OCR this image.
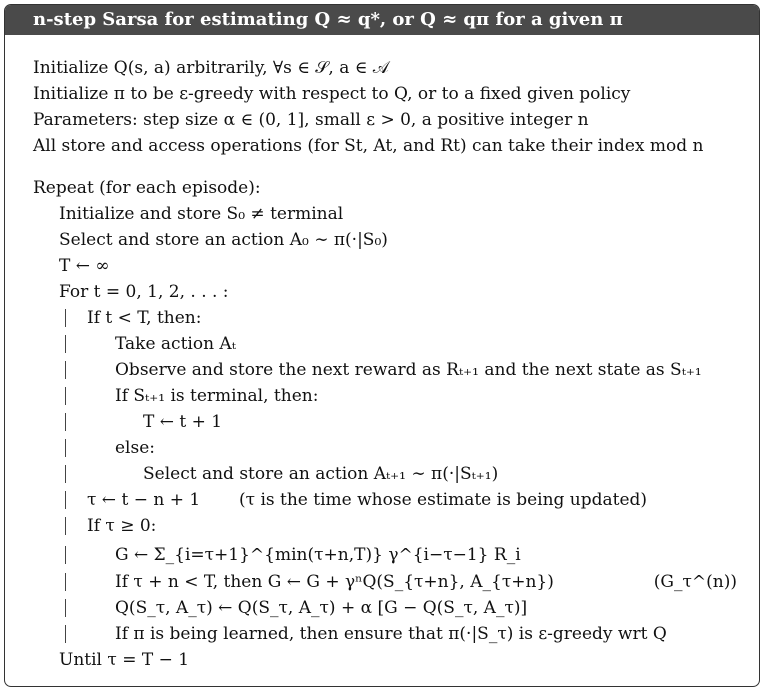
n-step Sarsa for estimating Q ≈ q*, or Q ≈ qπ for a given π
Initialize Q(s, a) arbitrarily, ∀s ∈ 𝒮, a ∈ 𝒜
Initialize π to be ε-greedy with respect to Q, or to a fixed given policy
Parameters: step size α ∈ (0, 1], small ε > 0, a positive integer n
All store and access operations (for St, At, and Rt) can take their index mod n
Repeat (for each episode):
Initialize and store S₀ ≠ terminal
Select and store an action A₀ ∼ π(·|S₀)
T ← ∞
For t = 0, 1, 2, . . . :
If t < T, then:
Take action Aₜ
Observe and store the next reward as Rₜ₊₁ and the next state as Sₜ₊₁
If Sₜ₊₁ is terminal, then:
T ← t + 1
else:
Select and store an action Aₜ₊₁ ∼ π(·|Sₜ₊₁)
τ ← t − n + 1 (τ is the time whose estimate is being updated)
If τ ≥ 0:
G ← Σ_{i=τ+1}^{min(τ+n,T)} γ^{i−τ−1} R_i
If τ + n < T, then G ← G + γⁿQ(S_{τ+n}, A_{τ+n})	(G_τ^(n))
Q(S_τ, A_τ) ← Q(S_τ, A_τ) + α [G − Q(S_τ, A_τ)]
If π is being learned, then ensure that π(·|S_τ) is ε-greedy wrt Q
Until τ = T − 1
